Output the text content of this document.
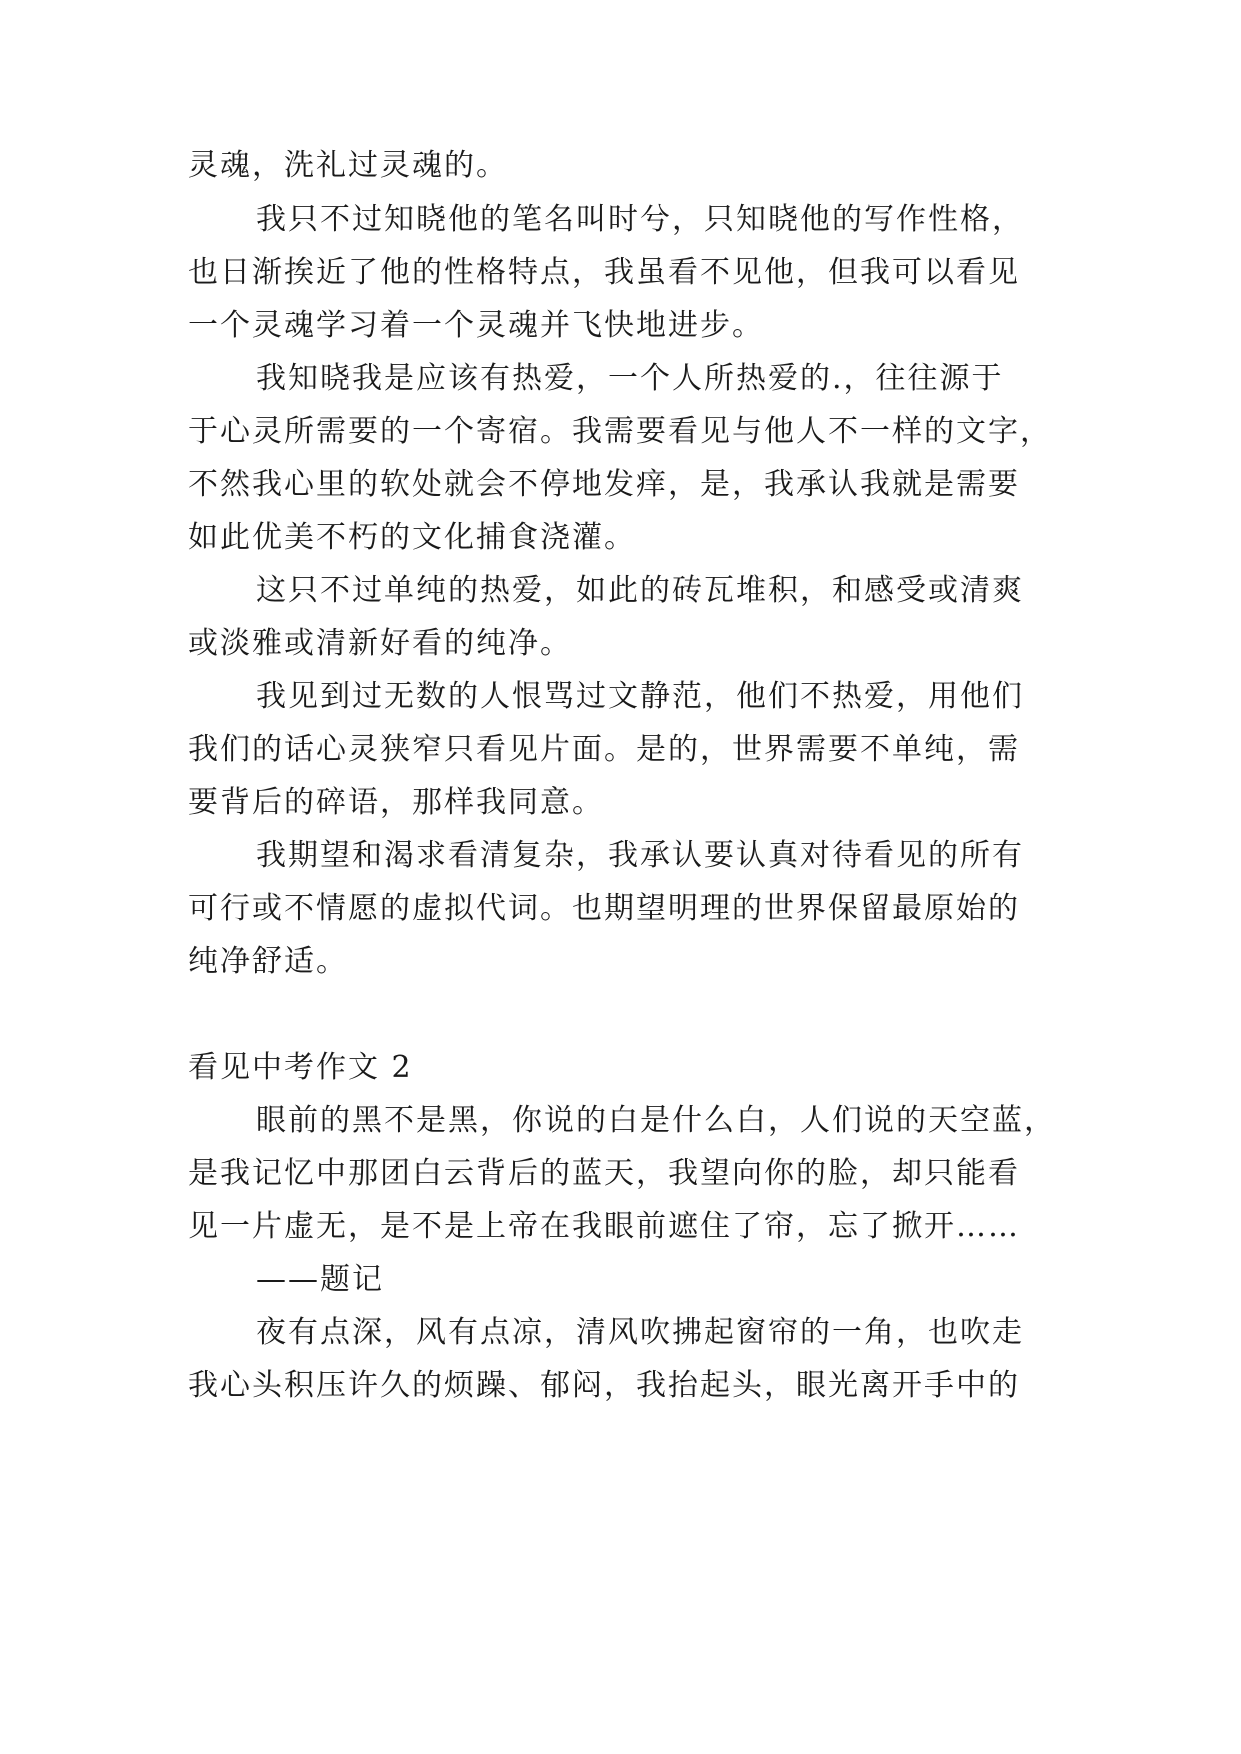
灵魂，洗礼过灵魂的。
我只不过知晓他的笔名叫时兮，只知晓他的写作性格，
也日渐挨近了他的性格特点，我虽看不见他，但我可以看见
一个灵魂学习着一个灵魂并飞快地进步。
我知晓我是应该有热爱，一个人所热爱的.，往往源于
于心灵所需要的一个寄宿。我需要看见与他人不一样的文字，
不然我心里的软处就会不停地发痒，是，我承认我就是需要
如此优美不朽的文化捕食浇灌。
这只不过单纯的热爱，如此的砖瓦堆积，和感受或清爽
或淡雅或清新好看的纯净。
我见到过无数的人恨骂过文静范，他们不热爱，用他们
我们的话心灵狭窄只看见片面。是的，世界需要不单纯，需
要背后的碎语，那样我同意。
我期望和渴求看清复杂，我承认要认真对待看见的所有
可行或不情愿的虚拟代词。也期望明理的世界保留最原始的
纯净舒适。
看见中考作文 2
眼前的黑不是黑，你说的白是什么白，人们说的天空蓝，
是我记忆中那团白云背后的蓝天，我望向你的脸，却只能看
见一片虚无，是不是上帝在我眼前遮住了帘，忘了掀开……
——题记
夜有点深，风有点凉，清风吹拂起窗帘的一角，也吹走
我心头积压许久的烦躁、郁闷，我抬起头，眼光离开手中的
